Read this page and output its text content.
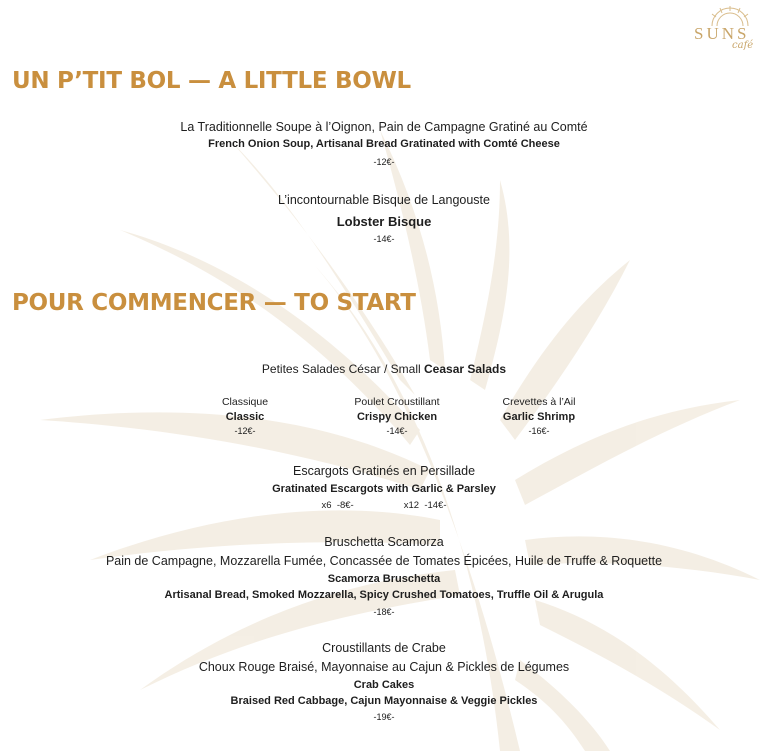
SUNS
café
UN P’TIT BOL — A LITTLE BOWL
La Traditionnelle Soupe à l’Oignon, Pain de Campagne Gratiné au Comté
French Onion Soup, Artisanal Bread Gratinated with Comté Cheese
-12€-
L’incontournable Bisque de Langouste
Lobster Bisque
-14€-
POUR COMMENCER — TO START
Petites Salades César / Small Ceasar Salads
Classique
Classic
-12€-
Poulet Croustillant
Crispy Chicken
-14€-
Crevettes à l’Ail
Garlic Shrimp
-16€-
Escargots Gratinés en Persillade
Gratinated Escargots with Garlic & Parsley
x6 -8€-	x12 -14€-
Bruschetta Scamorza
Pain de Campagne, Mozzarella Fumée, Concassée de Tomates Épicées, Huile de Truffe & Roquette
Scamorza Bruschetta
Artisanal Bread, Smoked Mozzarella, Spicy Crushed Tomatoes, Truffle Oil & Arugula
-18€-
Croustillants de Crabe
Choux Rouge Braisé, Mayonnaise au Cajun & Pickles de Légumes
Crab Cakes
Braised Red Cabbage, Cajun Mayonnaise & Veggie Pickles
-19€-
